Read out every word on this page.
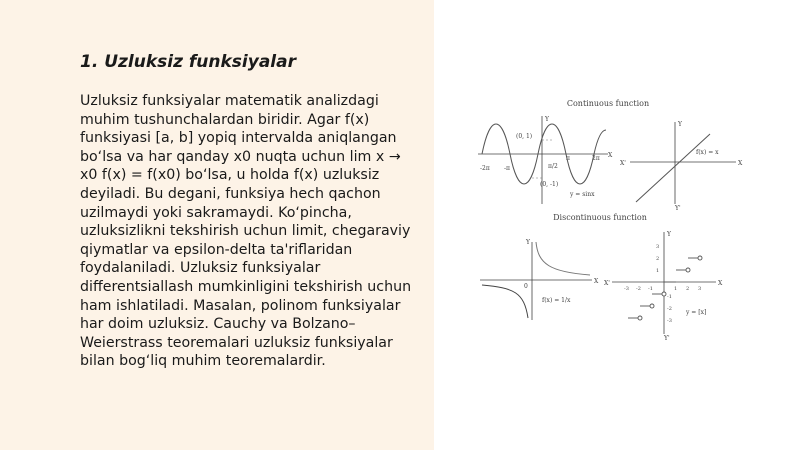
1. Uzluksiz funksiyalar

Uzluksiz funksiyalar matematik analizdagi muhim tushunchalardan biridir. Agar f(x) funksiyasi [a, b] yopiq intervalda aniqlangan bo‘lsa va har qanday x0 nuqta uchun lim x → x0 f(x) = f(x0) bo‘lsa, u holda f(x) uzluksiz deyiladi. Bu degani, funksiya hech qachon uzilmaydi yoki sakramaydi. Ko‘pincha, uzluksizlikni tekshirish uchun limit, chegaraviy qiymatlar va epsilon-delta ta'riflaridan foydalaniladi. Uzluksiz funksiyalar differentsiallash mumkinligini tekshirish uchun ham ishlatiladi. Masalan, polinom funksiyalar har doim uzluksiz. Cauchy va Bolzano–Weierstrass teoremalari uzluksiz funksiyalar bilan bog‘liq muhim teoremalardir.

Continuous function
Discontinuous function
Y
X
(0, 1)
(0, -1)
-2π -π
π
π/2
2π
y = sinx
Y
Y'
X
X'
f(x) = x
Y
X
0
f(x) = 1/x
Y
Y'
X
X'
-3 -2 -1	1 2 3
3
2
1
-1
-2
-3
y = [x]
